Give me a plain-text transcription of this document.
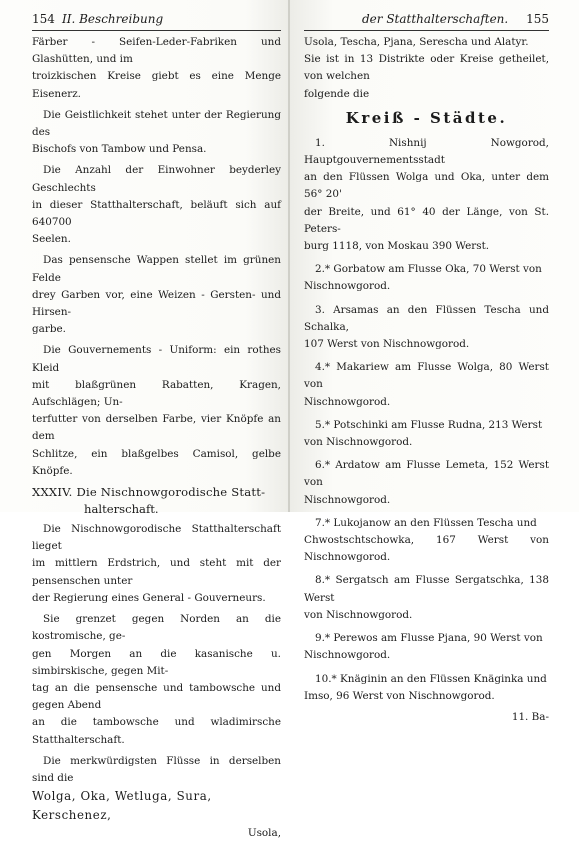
154 II. Beschreibung

Färber - Seifen-Leder-Fabriken und Glashütten, und im

troizkischen Kreise giebt es eine Menge Eisenerz.

Die Geistlichkeit stehet unter der Regierung des

Bischofs von Tambow und Pensa.

Die Anzahl der Einwohner beyderley Geschlechts

in dieser Statthalterschaft, beläuft sich auf 640700

Seelen.

Das pensensche Wappen stellet im grünen Felde

drey Garben vor, eine Weizen - Gersten- und Hirsen-

garbe.

Die Gouvernements - Uniform: ein rothes Kleid

mit blaßgrünen Rabatten, Kragen, Aufschlägen; Un-

terfutter von derselben Farbe, vier Knöpfe an dem

Schlitze, ein blaßgelbes Camisol, gelbe Knöpfe.

XXXIV. Die Nischnowgorodische Statt-
halterschaft.

Die Nischnowgorodische Statthalterschaft lieget

im mittlern Erdstrich, und steht mit der pensenschen unter

der Regierung eines General - Gouverneurs.

Sie grenzet gegen Norden an die kostromische, ge-

gen Morgen an die kasanische u. simbirskische, gegen Mit-

tag an die pensensche und tambowsche und gegen Abend

an die tambowsche und wladimirsche Statthalterschaft.

Die merkwürdigsten Flüsse in derselben sind die

Wolga, Oka, Wetluga, Sura, Kerschenez,
Usola,
der Statthalterschaften. 155

Usola, Tescha, Pjana, Serescha und Alatyr.

Sie ist in 13 Distrikte oder Kreise getheilet, von welchen

folgende die

Kreiß - Städte.

1. Nishnij Nowgorod, Hauptgouvernementsstadt

an den Flüssen Wolga und Oka, unter dem 56° 20'

der Breite, und 61° 40 der Länge, von St. Peters-

burg 1118, von Moskau 390 Werst.

2.* Gorbatow am Flusse Oka, 70 Werst von

Nischnowgorod.

3. Arsamas an den Flüssen Tescha und Schalka,

107 Werst von Nischnowgorod.

4.* Makariew am Flusse Wolga, 80 Werst von

Nischnowgorod.

5.* Potschinki am Flusse Rudna, 213 Werst

von Nischnowgorod.

6.* Ardatow am Flusse Lemeta, 152 Werst von

Nischnowgorod.

7.* Lukojanow an den Flüssen Tescha und

Chwostschtschowka, 167 Werst von Nischnowgorod.

8.* Sergatsch am Flusse Sergatschka, 138 Werst

von Nischnowgorod.

9.* Perewos am Flusse Pjana, 90 Werst von

Nischnowgorod.

10.* Knäginin an den Flüssen Knäginka und

Imso, 96 Werst von Nischnowgorod.

11. Ba-
